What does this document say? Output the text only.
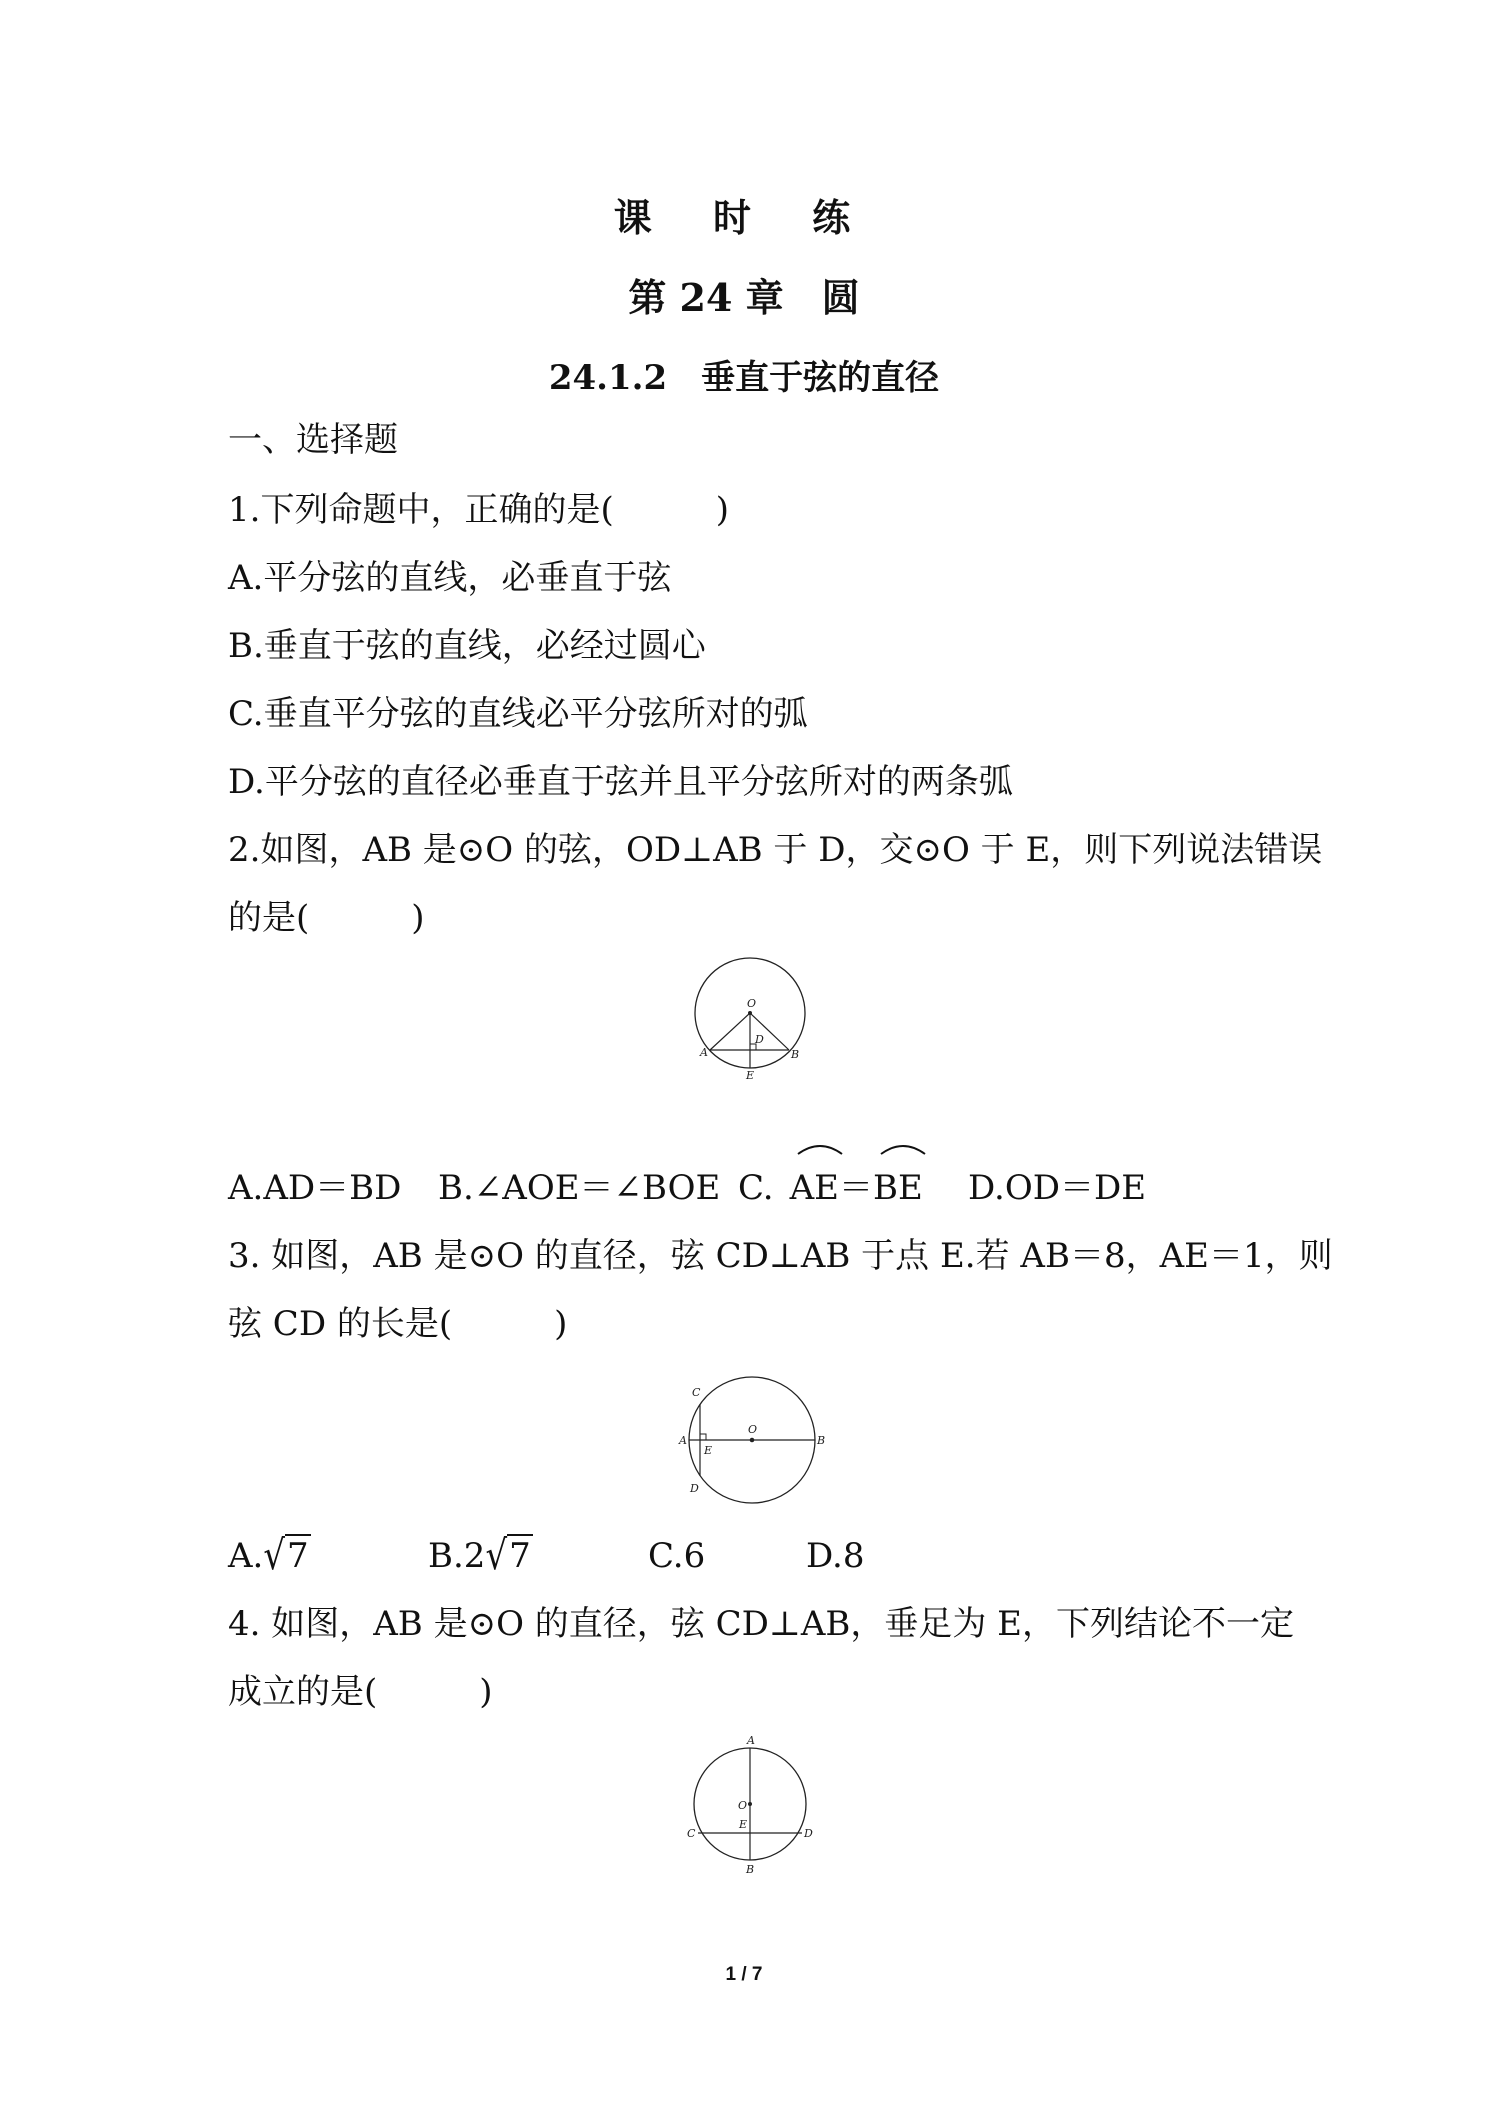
课 时 练
第 24 章　圆
24.1.2　垂直于弦的直径
一、选择题
1.下列命题中，正确的是(　　　)
A.平分弦的直线，必垂直于弦
B.垂直于弦的直线，必经过圆心
C.垂直平分弦的直线必平分弦所对的弧
D.平分弦的直径必垂直于弦并且平分弦所对的两条弧
2.如图，AB 是⊙O 的弦，OD⊥AB 于 D，交⊙O 于 E，则下列说法错误
的是(　　　)
O
A	B
D
E
A.AD＝BD B.∠AOE＝∠BOE C. AE＝
BE D.OD＝DE
3. 如图，AB 是⊙O 的直径，弦 CD⊥AB 于点 E.若 AB＝8，AE＝1，则
弦 CD 的长是(　　　)
O
A	B
C
D
E
A.√7	B.2√7	C.6	D.8
4. 如图，AB 是⊙O 的直径，弦 CD⊥AB，垂足为 E，下列结论不一定
成立的是(　　　)
A
O
E
C	D
B
1 / 7
